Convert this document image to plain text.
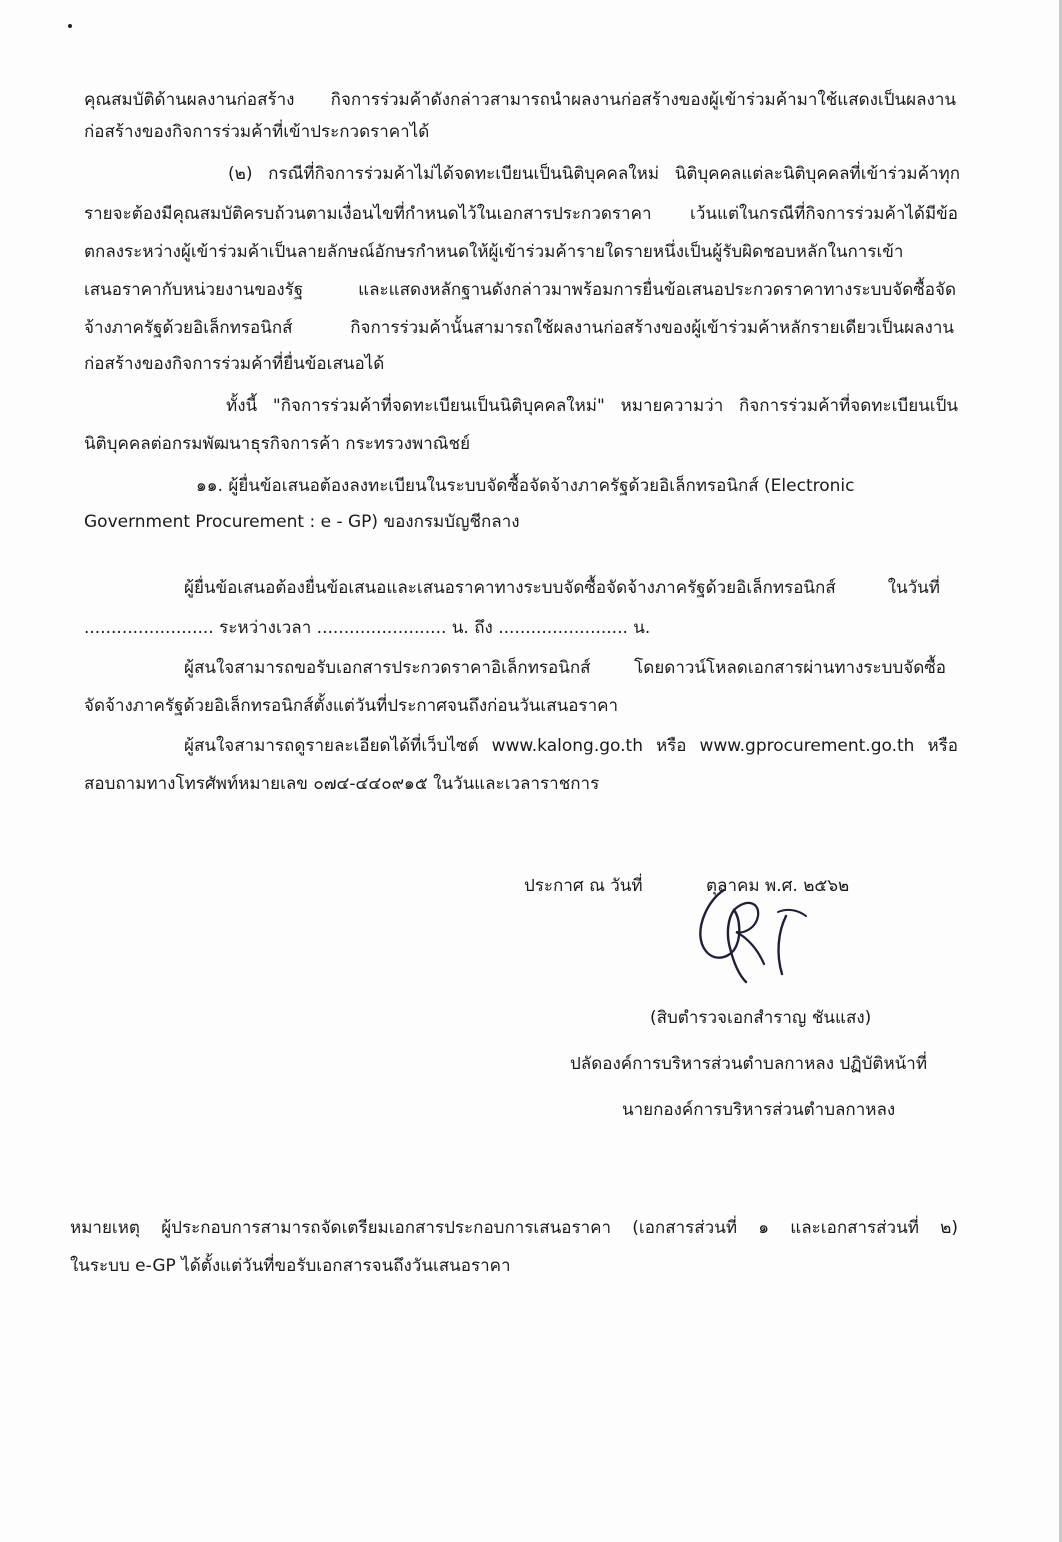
คุณสมบัติด้านผลงานก่อสร้าง กิจการร่วมค้าดังกล่าวสามารถนำผลงานก่อสร้างของผู้เข้าร่วมค้ามาใช้แสดงเป็นผลงาน
ก่อสร้างของกิจการร่วมค้าที่เข้าประกวดราคาได้
(๒) กรณีที่กิจการร่วมค้าไม่ได้จดทะเบียนเป็นนิติบุคคลใหม่ นิติบุคคลแต่ละนิติบุคคลที่เข้าร่วมค้าทุก
รายจะต้องมีคุณสมบัติครบถ้วนตามเงื่อนไขที่กำหนดไว้ในเอกสารประกวดราคา เว้นแต่ในกรณีที่กิจการร่วมค้าได้มีข้อ
ตกลงระหว่างผู้เข้าร่วมค้าเป็นลายลักษณ์อักษรกำหนดให้ผู้เข้าร่วมค้ารายใดรายหนึ่งเป็นผู้รับผิดชอบหลักในการเข้า
เสนอราคากับหน่วยงานของรัฐ และแสดงหลักฐานดังกล่าวมาพร้อมการยื่นข้อเสนอประกวดราคาทางระบบจัดซื้อจัด
จ้างภาครัฐด้วยอิเล็กทรอนิกส์ กิจการร่วมค้านั้นสามารถใช้ผลงานก่อสร้างของผู้เข้าร่วมค้าหลักรายเดียวเป็นผลงาน
ก่อสร้างของกิจการร่วมค้าที่ยื่นข้อเสนอได้
ทั้งนี้ "กิจการร่วมค้าที่จดทะเบียนเป็นนิติบุคคลใหม่" หมายความว่า กิจการร่วมค้าที่จดทะเบียนเป็น
นิติบุคคลต่อกรมพัฒนาธุรกิจการค้า กระทรวงพาณิชย์
๑๑. ผู้ยื่นข้อเสนอต้องลงทะเบียนในระบบจัดซื้อจัดจ้างภาครัฐด้วยอิเล็กทรอนิกส์ (Electronic
Government Procurement : e - GP) ของกรมบัญชีกลาง
ผู้ยื่นข้อเสนอต้องยื่นข้อเสนอและเสนอราคาทางระบบจัดซื้อจัดจ้างภาครัฐด้วยอิเล็กทรอนิกส์ ในวันที่
........................ ระหว่างเวลา ........................ น. ถึง ........................ น.
ผู้สนใจสามารถขอรับเอกสารประกวดราคาอิเล็กทรอนิกส์ โดยดาวน์โหลดเอกสารผ่านทางระบบจัดซื้อ
จัดจ้างภาครัฐด้วยอิเล็กทรอนิกส์ตั้งแต่วันที่ประกาศจนถึงก่อนวันเสนอราคา
ผู้สนใจสามารถดูรายละเอียดได้ที่เว็บไซต์ www.kalong.go.th หรือ www.gprocurement.go.th หรือ
สอบถามทางโทรศัพท์หมายเลข ๐๗๔-๔๔๐๙๑๕ ในวันและเวลาราชการ
ประกาศ ณ วันที่	ตุลาคม พ.ศ. ๒๕๖๒
(สิบตำรวจเอกสำราญ ชันแสง)
ปลัดองค์การบริหารส่วนตำบลกาหลง ปฏิบัติหน้าที่
นายกองค์การบริหารส่วนตำบลกาหลง
หมายเหตุ ผู้ประกอบการสามารถจัดเตรียมเอกสารประกอบการเสนอราคา (เอกสารส่วนที่ ๑ และเอกสารส่วนที่ ๒)
ในระบบ e-GP ได้ตั้งแต่วันที่ขอรับเอกสารจนถึงวันเสนอราคา
